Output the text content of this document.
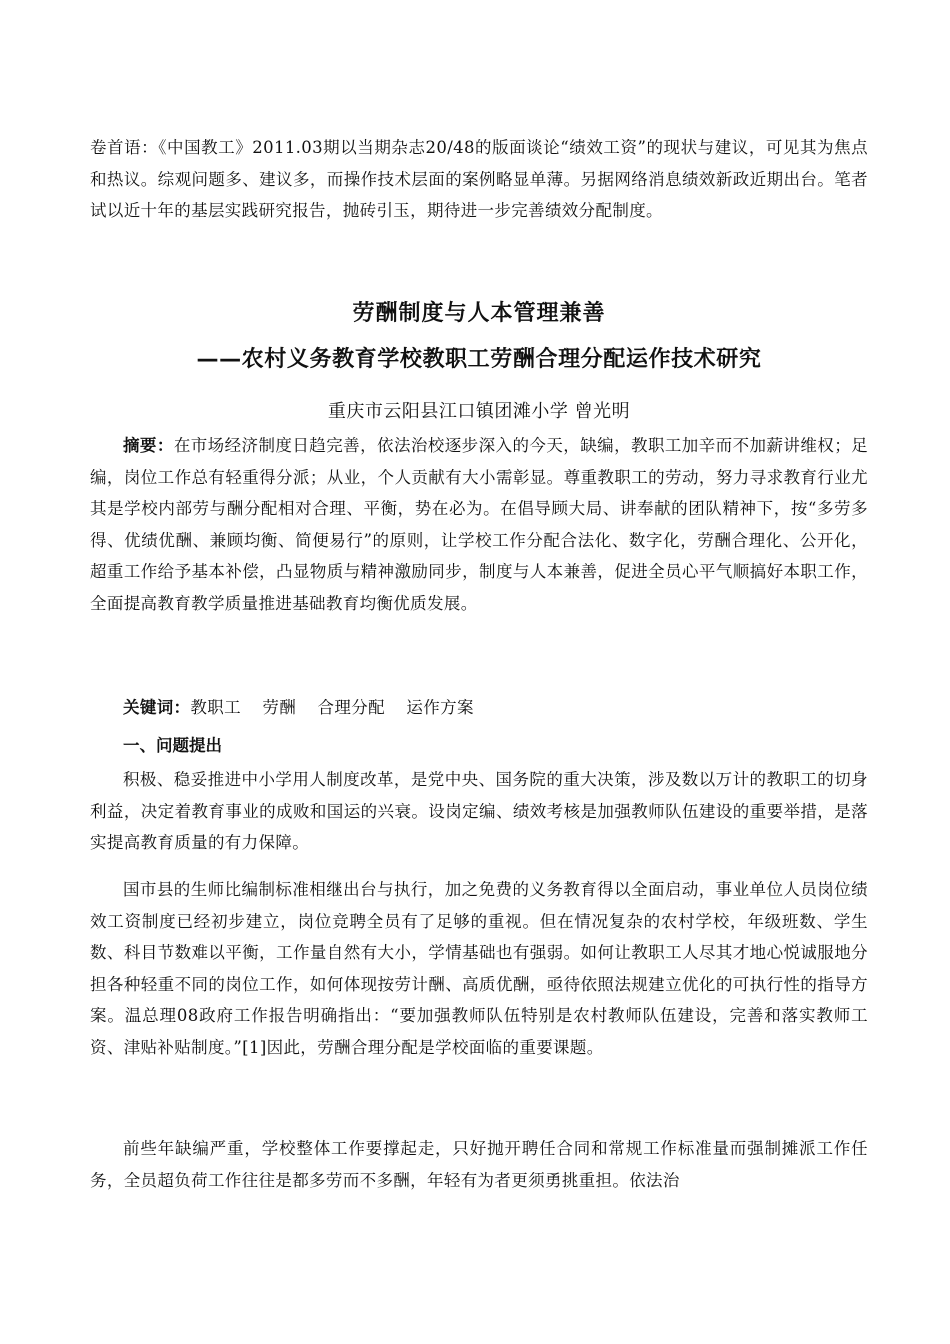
卷首语：《中国教工》2011.03期以当期杂志20/48的版面谈论“绩效工资”的现状与建议，可见其为焦点和热议。综观问题多、建议多，而操作技术层面的案例略显单薄。另据网络消息绩效新政近期出台。笔者试以近十年的基层实践研究报告，抛砖引玉，期待进一步完善绩效分配制度。

劳酬制度与人本管理兼善
——农村义务教育学校教职工劳酬合理分配运作技术研究

重庆市云阳县江口镇团滩小学 曾光明

摘要：在市场经济制度日趋完善，依法治校逐步深入的今天，缺编，教职工加辛而不加薪讲维权；足编，岗位工作总有轻重得分派；从业，个人贡献有大小需彰显。尊重教职工的劳动，努力寻求教育行业尤其是学校内部劳与酬分配相对合理、平衡，势在必为。在倡导顾大局、讲奉献的团队精神下，按“多劳多得、优绩优酬、兼顾均衡、简便易行”的原则，让学校工作分配合法化、数字化，劳酬合理化、公开化，超重工作给予基本补偿，凸显物质与精神激励同步，制度与人本兼善，促进全员心平气顺搞好本职工作，全面提高教育教学质量推进基础教育均衡优质发展。

关键词：教职工 劳酬 合理分配 运作方案

一、问题提出

积极、稳妥推进中小学用人制度改革，是党中央、国务院的重大决策，涉及数以万计的教职工的切身利益，决定着教育事业的成败和国运的兴衰。设岗定编、绩效考核是加强教师队伍建设的重要举措，是落实提高教育质量的有力保障。

国市县的生师比编制标准相继出台与执行，加之免费的义务教育得以全面启动，事业单位人员岗位绩效工资制度已经初步建立，岗位竞聘全员有了足够的重视。但在情况复杂的农村学校，年级班数、学生数、科目节数难以平衡，工作量自然有大小，学情基础也有强弱。如何让教职工人尽其才地心悦诚服地分担各种轻重不同的岗位工作，如何体现按劳计酬、高质优酬，亟待依照法规建立优化的可执行性的指导方案。温总理08政府工作报告明确指出：“要加强教师队伍特别是农村教师队伍建设，完善和落实教师工资、津贴补贴制度。”[1]因此，劳酬合理分配是学校面临的重要课题。

前些年缺编严重，学校整体工作要撑起走，只好抛开聘任合同和常规工作标准量而强制摊派工作任务，全员超负荷工作往往是都多劳而不多酬，年轻有为者更须勇挑重担。依法治
